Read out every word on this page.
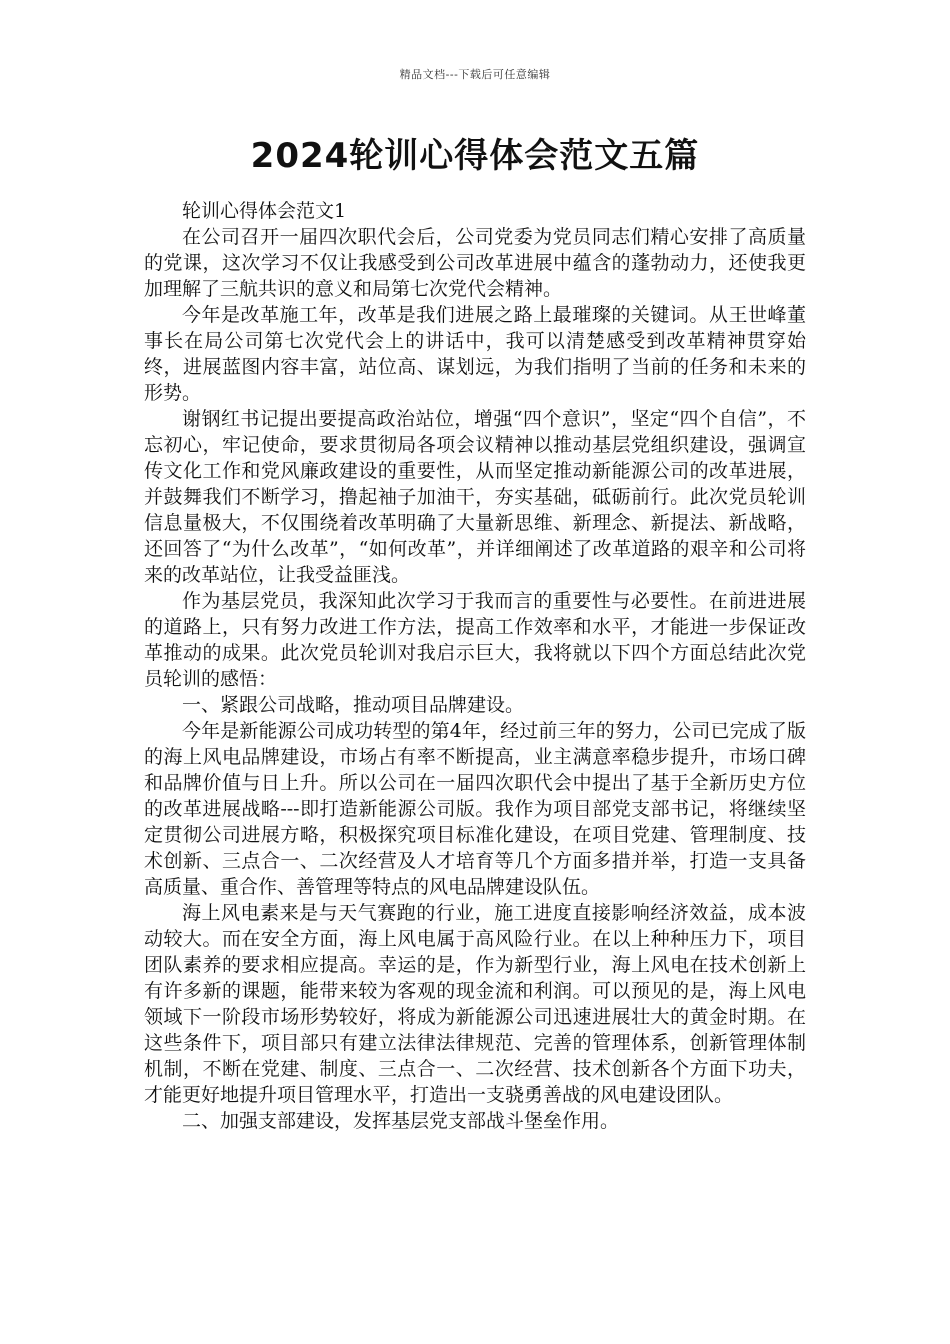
精品文档---下载后可任意编辑
2024轮训心得体会范文五篇

轮训心得体会范文1

在公司召开一届四次职代会后，公司党委为党员同志们精心安排了高质量的党课，这次学习不仅让我感受到公司改革进展中蕴含的蓬勃动力，还使我更加理解了三航共识的意义和局第七次党代会精神。

今年是改革施工年，改革是我们进展之路上最璀璨的关键词。从王世峰董事长在局公司第七次党代会上的讲话中，我可以清楚感受到改革精神贯穿始终，进展蓝图内容丰富，站位高、谋划远，为我们指明了当前的任务和未来的形势。

谢钢红书记提出要提高政治站位，增强“四个意识”，坚定“四个自信”，不忘初心，牢记使命，要求贯彻局各项会议精神以推动基层党组织建设，强调宣传文化工作和党风廉政建设的重要性，从而坚定推动新能源公司的改革进展，并鼓舞我们不断学习，撸起袖子加油干，夯实基础，砥砺前行。此次党员轮训信息量极大，不仅围绕着改革明确了大量新思维、新理念、新提法、新战略，还回答了“为什么改革”，“如何改革”，并详细阐述了改革道路的艰辛和公司将来的改革站位，让我受益匪浅。

作为基层党员，我深知此次学习于我而言的重要性与必要性。在前进进展的道路上，只有努力改进工作方法，提高工作效率和水平，才能进一步保证改革推动的成果。此次党员轮训对我启示巨大，我将就以下四个方面总结此次党员轮训的感悟：

一、紧跟公司战略，推动项目品牌建设。

今年是新能源公司成功转型的第4年，经过前三年的努力，公司已完成了版的海上风电品牌建设，市场占有率不断提高，业主满意率稳步提升，市场口碑和品牌价值与日上升。所以公司在一届四次职代会中提出了基于全新历史方位的改革进展战略---即打造新能源公司版。我作为项目部党支部书记，将继续坚定贯彻公司进展方略，积极探究项目标准化建设，在项目党建、管理制度、技术创新、三点合一、二次经营及人才培育等几个方面多措并举，打造一支具备高质量、重合作、善管理等特点的风电品牌建设队伍。

海上风电素来是与天气赛跑的行业，施工进度直接影响经济效益，成本波动较大。而在安全方面，海上风电属于高风险行业。在以上种种压力下，项目团队素养的要求相应提高。幸运的是，作为新型行业，海上风电在技术创新上有许多新的课题，能带来较为客观的现金流和利润。可以预见的是，海上风电领域下一阶段市场形势较好，将成为新能源公司迅速进展壮大的黄金时期。在这些条件下，项目部只有建立法律法律规范、完善的管理体系，创新管理体制机制，不断在党建、制度、三点合一、二次经营、技术创新各个方面下功夫，才能更好地提升项目管理水平，打造出一支骁勇善战的风电建设团队。

二、加强支部建设，发挥基层党支部战斗堡垒作用。
